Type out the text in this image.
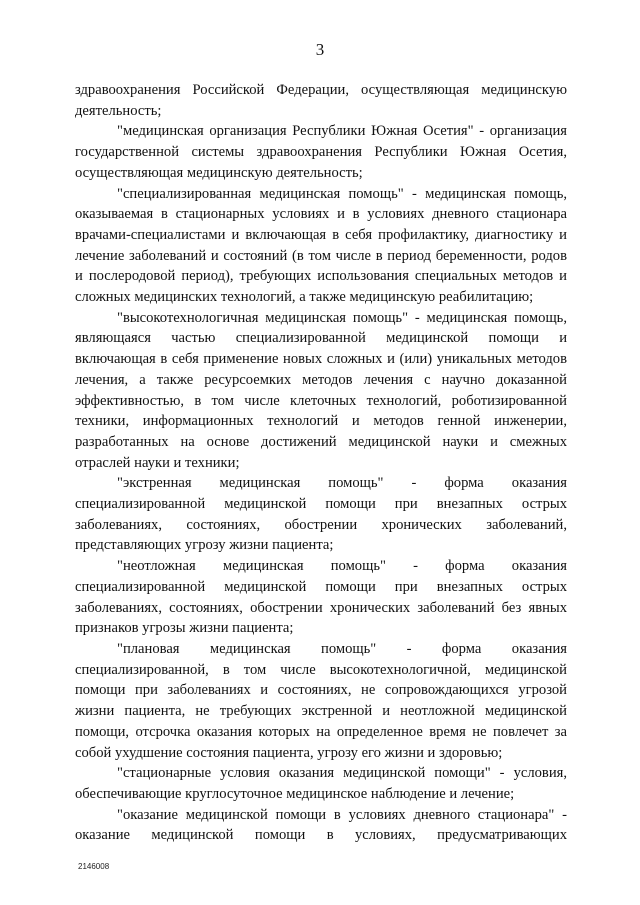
3

здравоохранения Российской Федерации, осуществляющая медицинскую деятельность;

"медицинская организация Республики Южная Осетия" - организация государственной системы здравоохранения Республики Южная Осетия, осуществляющая медицинскую деятельность;

"специализированная медицинская помощь" - медицинская помощь, оказываемая в стационарных условиях и в условиях дневного стационара врачами-специалистами и включающая в себя профилактику, диагностику и лечение заболеваний и состояний (в том числе в период беременности, родов и послеродовой период), требующих использования специальных методов и сложных медицинских технологий, а также медицинскую реабилитацию;

"высокотехнологичная медицинская помощь" - медицинская помощь, являющаяся частью специализированной медицинской помощи и включающая в себя применение новых сложных и (или) уникальных методов лечения, а также ресурсоемких методов лечения с научно доказанной эффективностью, в том числе клеточных технологий, роботизированной техники, информационных технологий и методов генной инженерии, разработанных на основе достижений медицинской науки и смежных отраслей науки и техники;

"экстренная медицинская помощь" - форма оказания специализированной медицинской помощи при внезапных острых заболеваниях, состояниях, обострении хронических заболеваний, представляющих угрозу жизни пациента;

"неотложная медицинская помощь" - форма оказания специализированной медицинской помощи при внезапных острых заболеваниях, состояниях, обострении хронических заболеваний без явных признаков угрозы жизни пациента;

"плановая медицинская помощь" - форма оказания специализированной, в том числе высокотехнологичной, медицинской помощи при заболеваниях и состояниях, не сопровождающихся угрозой жизни пациента, не требующих экстренной и неотложной медицинской помощи, отсрочка оказания которых на определенное время не повлечет за собой ухудшение состояния пациента, угрозу его жизни и здоровью;

"стационарные условия оказания медицинской помощи" - условия, обеспечивающие круглосуточное медицинское наблюдение и лечение;

"оказание медицинской помощи в условиях дневного стационара" - оказание медицинской помощи в условиях, предусматривающих

2146008
